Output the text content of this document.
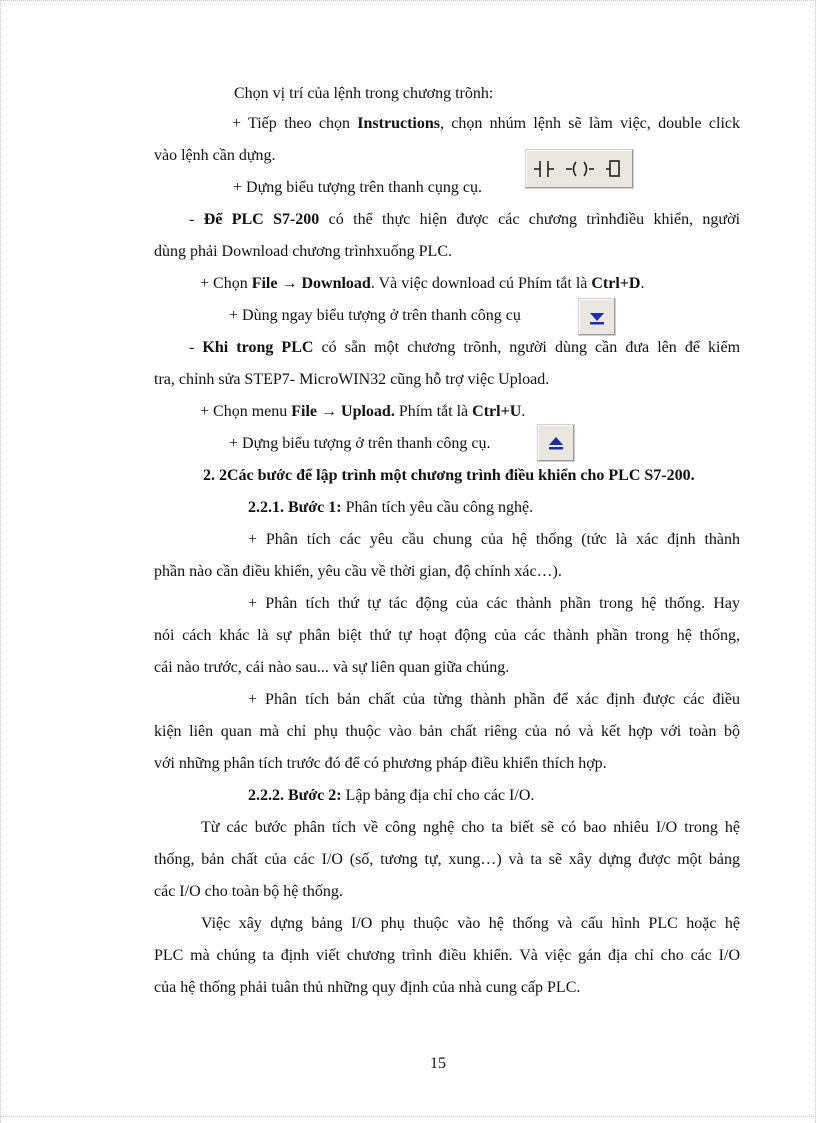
Chọn vị trí của lệnh trong chương trõnh:
+ Tiếp theo chọn Instructions, chọn nhúm lệnh sẽ làm việc, double click
vào lệnh cần dựng.
+ Dựng biểu tượng trên thanh cụng cụ.
- Để PLC S7-200 có thể thực hiện được các chương trìnhđiều khiển, người
dùng phải Download chương trìnhxuống PLC.
+ Chọn File → Download. Và việc download cú Phím tắt là Ctrl+D.
+ Dùng ngay biểu tượng ở trên thanh công cụ
- Khi trong PLC có sẵn một chương trõnh, người dùng cần đưa lên để kiểm
tra, chỉnh sửa STEP7- MicroWIN32 cũng hỗ trợ việc Upload.
+ Chọn menu File → Upload. Phím tắt là Ctrl+U.
+ Dựng biểu tượng ở trên thanh công cụ.
2. 2Các bước để lập trình một chương trình điều khiển cho PLC S7-200.
2.2.1. Bước 1: Phân tích yêu cầu công nghệ.
+ Phân tích các yêu cầu chung của hệ thống (tức là xác định thành
phần nào cần điều khiển, yêu cầu về thời gian, độ chính xác…).
+ Phân tích thứ tự tác động của các thành phần trong hệ thống. Hay
nói cách khác là sự phân biệt thứ tự hoạt động của các thành phần trong hệ thống,
cái nào trước, cái nào sau... và sự liên quan giữa chúng.
+ Phân tích bản chất của từng thành phần để xác định được các điều
kiện liên quan mà chỉ phụ thuộc vào bản chất riêng của nó và kết hợp với toàn bộ
với những phân tích trước đó để có phương pháp điều khiển thích hợp.
2.2.2. Bước 2: Lập bảng địa chỉ cho các I/O.
Từ các bước phân tích về công nghệ cho ta biết sẽ có bao nhiêu I/O trong hệ
thống, bản chất của các I/O (số, tương tự, xung…) và ta sẽ xây dựng được một bảng
các I/O cho toàn bộ hệ thống.
Việc xây dựng bảng I/O phụ thuộc vào hệ thống và cấu hình PLC hoặc hệ
PLC mà chúng ta định viết chương trình điều khiển. Và việc gán địa chỉ cho các I/O
của hệ thống phải tuân thủ những quy định của nhà cung cấp PLC.
15
